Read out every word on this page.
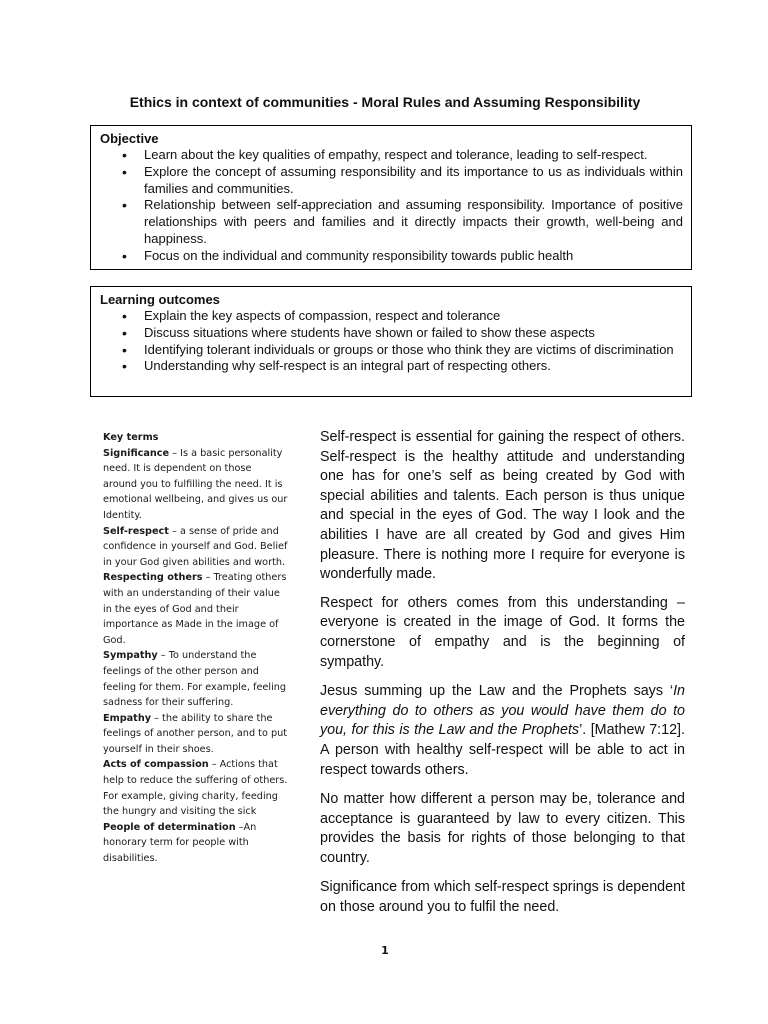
Ethics in context of communities - Moral Rules and Assuming Responsibility
Objective
• Learn about the key qualities of empathy, respect and tolerance, leading to self-respect.
• Explore the concept of assuming responsibility and its importance to us as individuals within families and communities.
• Relationship between self-appreciation and assuming responsibility. Importance of positive relationships with peers and families and it directly impacts their growth, well-being and happiness.
• Focus on the individual and community responsibility towards public health
Learning outcomes
• Explain the key aspects of compassion, respect and tolerance
• Discuss situations where students have shown or failed to show these aspects
• Identifying tolerant individuals or groups or those who think they are victims of discrimination
• Understanding why self-respect is an integral part of respecting others.
Key terms
Significance – Is a basic personality need. It is dependent on those around you to fulfilling the need. It is emotional wellbeing, and gives us our Identity.
Self-respect – a sense of pride and confidence in yourself and God. Belief in your God given abilities and worth.
Respecting others – Treating others with an understanding of their value in the eyes of God and their importance as Made in the image of God.
Sympathy – To understand the feelings of the other person and feeling for them. For example, feeling sadness for their suffering.
Empathy – the ability to share the feelings of another person, and to put yourself in their shoes.
Acts of compassion – Actions that help to reduce the suffering of others. For example, giving charity, feeding the hungry and visiting the sick
People of determination –An honorary term for people with disabilities.

Self-respect is essential for gaining the respect of others. Self-respect is the healthy attitude and understanding one has for one’s self as being created by God with special abilities and talents. Each person is thus unique and special in the eyes of God. The way I look and the abilities I have are all created by God and gives Him pleasure. There is nothing more I require for everyone is wonderfully made.

Respect for others comes from this understanding – everyone is created in the image of God. It forms the cornerstone of empathy and is the beginning of sympathy.

Jesus summing up the Law and the Prophets says ‘In everything do to others as you would have them do to you, for this is the Law and the Prophets’. [Mathew 7:12]. A person with healthy self-respect will be able to act in respect towards others.

No matter how different a person may be, tolerance and acceptance is guaranteed by law to every citizen. This provides the basis for rights of those belonging to that country.

Significance from which self-respect springs is dependent on those around you to fulfil the need.

1
